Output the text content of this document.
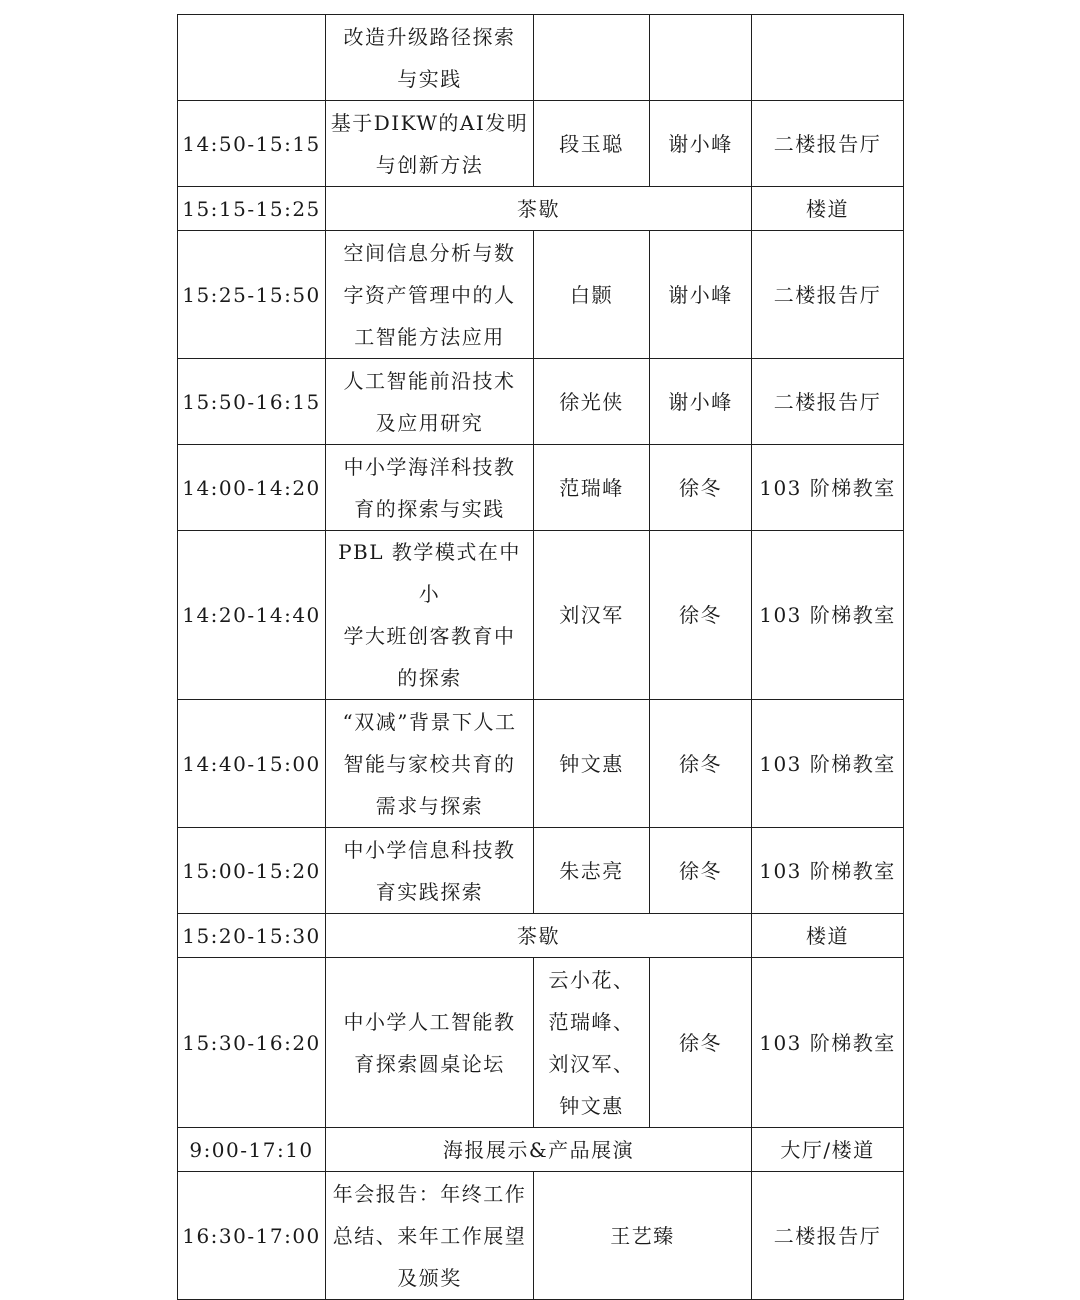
	改造升级路径探索
与实践			
14:50-15:15	基于DIKW的AI发明
与创新方法	段玉聪	谢小峰	二楼报告厅
15:15-15:25	茶歇			楼道
15:25-15:50	空间信息分析与数
字资产管理中的人
工智能方法应用	白颢	谢小峰	二楼报告厅
15:50-16:15	人工智能前沿技术
及应用研究	徐光侠	谢小峰	二楼报告厅
14:00-14:20	中小学海洋科技教
育的探索与实践	范瑞峰	徐冬	103 阶梯教室
14:20-14:40	PBL 教学模式在中小
学大班创客教育中
的探索	刘汉军	徐冬	103 阶梯教室
14:40-15:00	“双减”背景下人工
智能与家校共育的
需求与探索	钟文惠	徐冬	103 阶梯教室
15:00-15:20	中小学信息科技教
育实践探索	朱志亮	徐冬	103 阶梯教室
15:20-15:30	茶歇			楼道
15:30-16:20	中小学人工智能教
育探索圆桌论坛	云小花、
范瑞峰、
刘汉军、
钟文惠	徐冬	103 阶梯教室
9:00-17:10	海报展示&产品展演			大厅/楼道
16:30-17:00	年会报告：年终工作
总结、来年工作展望
及颁奖	王艺臻		二楼报告厅
